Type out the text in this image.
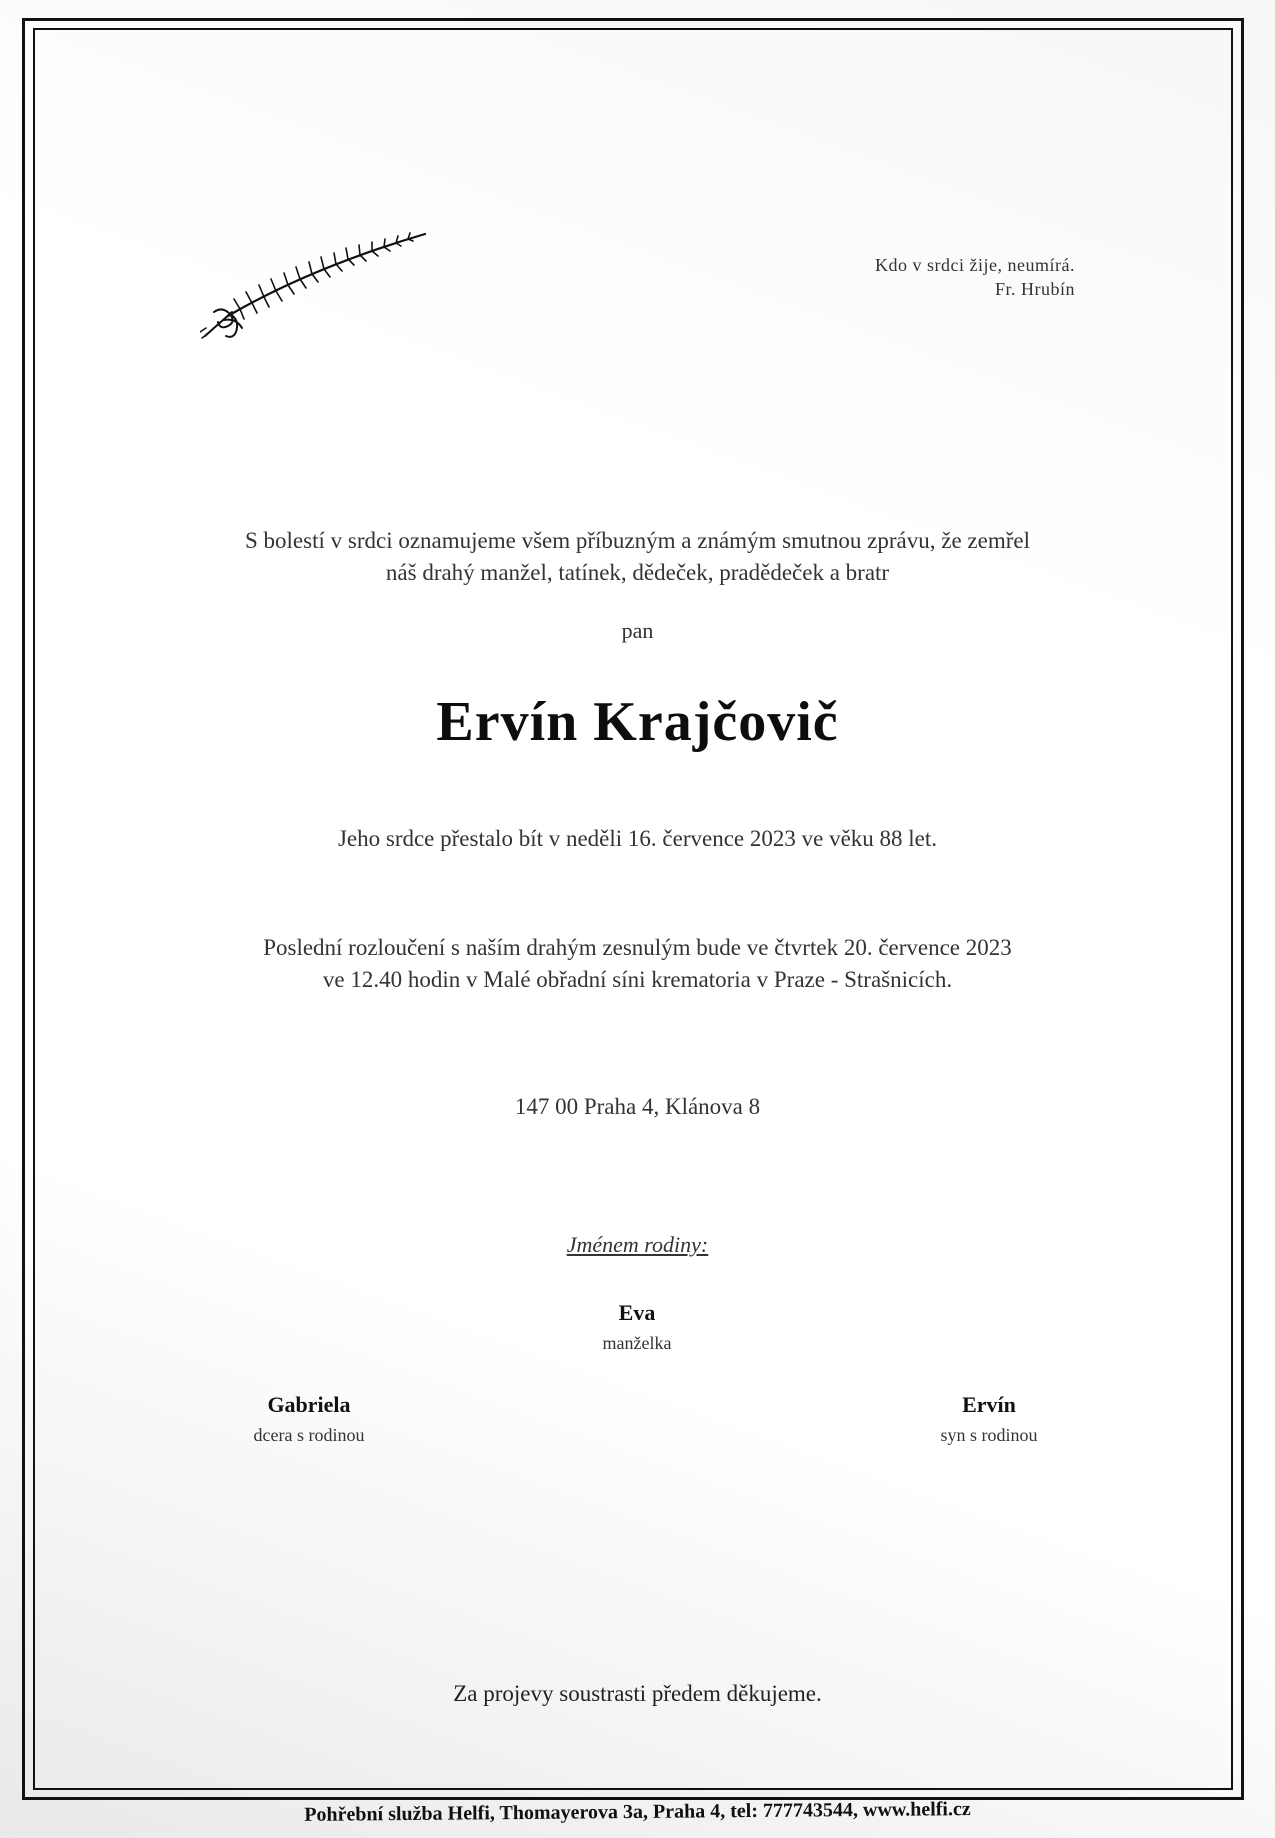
Kdo v srdci žije, neumírá.
Fr. Hrubín
S bolestí v srdci oznamujeme všem příbuzným a známým smutnou zprávu, že zemřel
náš drahý manžel, tatínek, dědeček, pradědeček a bratr
pan
Ervín Krajčovič
Jeho srdce přestalo bít v neděli 16. července 2023 ve věku 88 let.
Poslední rozloučení s naším drahým zesnulým bude ve čtvrtek 20. července 2023
ve 12.40 hodin v Malé obřadní síni krematoria v Praze - Strašnicích.
147 00 Praha 4, Klánova 8
Jménem rodiny:
Eva
manželka
Gabriela
dcera s rodinou
Ervín
syn s rodinou
Za projevy soustrasti předem děkujeme.
Pohřební služba Helfi, Thomayerova 3a, Praha 4, tel: 777743544, www.helfi.cz
